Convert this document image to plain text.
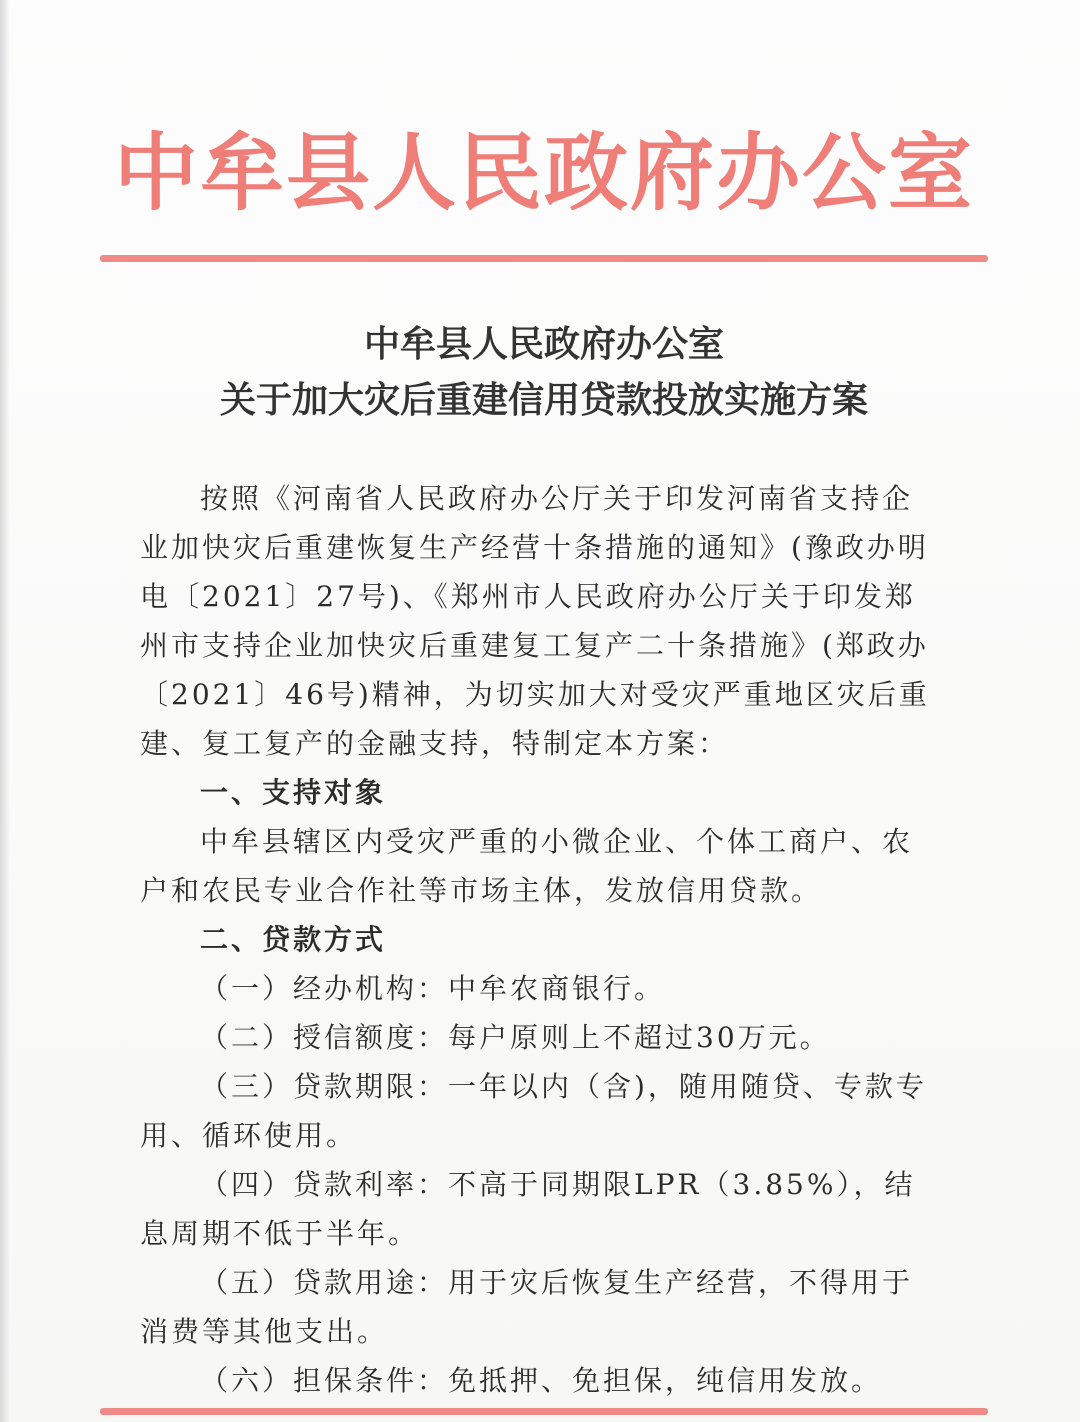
中牟县人民政府办公室
中牟县人民政府办公室
关于加大灾后重建信用贷款投放实施方案

按照《河南省人民政府办公厅关于印发河南省支持企业加快灾后重建恢复生产经营十条措施的通知》(豫政办明电〔2021〕27号)、《郑州市人民政府办公厅关于印发郑州市支持企业加快灾后重建复工复产二十条措施》(郑政办〔2021〕46号)精神，为切实加大对受灾严重地区灾后重建、复工复产的金融支持，特制定本方案：

一、支持对象

中牟县辖区内受灾严重的小微企业、个体工商户、农户和农民专业合作社等市场主体，发放信用贷款。

二、贷款方式

（一）经办机构：中牟农商银行。

（二）授信额度：每户原则上不超过30万元。

（三）贷款期限：一年以内（含)，随用随贷、专款专用、循环使用。

（四）贷款利率：不高于同期限LPR（3.85%），结息周期不低于半年。

（五）贷款用途：用于灾后恢复生产经营，不得用于消费等其他支出。

（六）担保条件：免抵押、免担保，纯信用发放。
